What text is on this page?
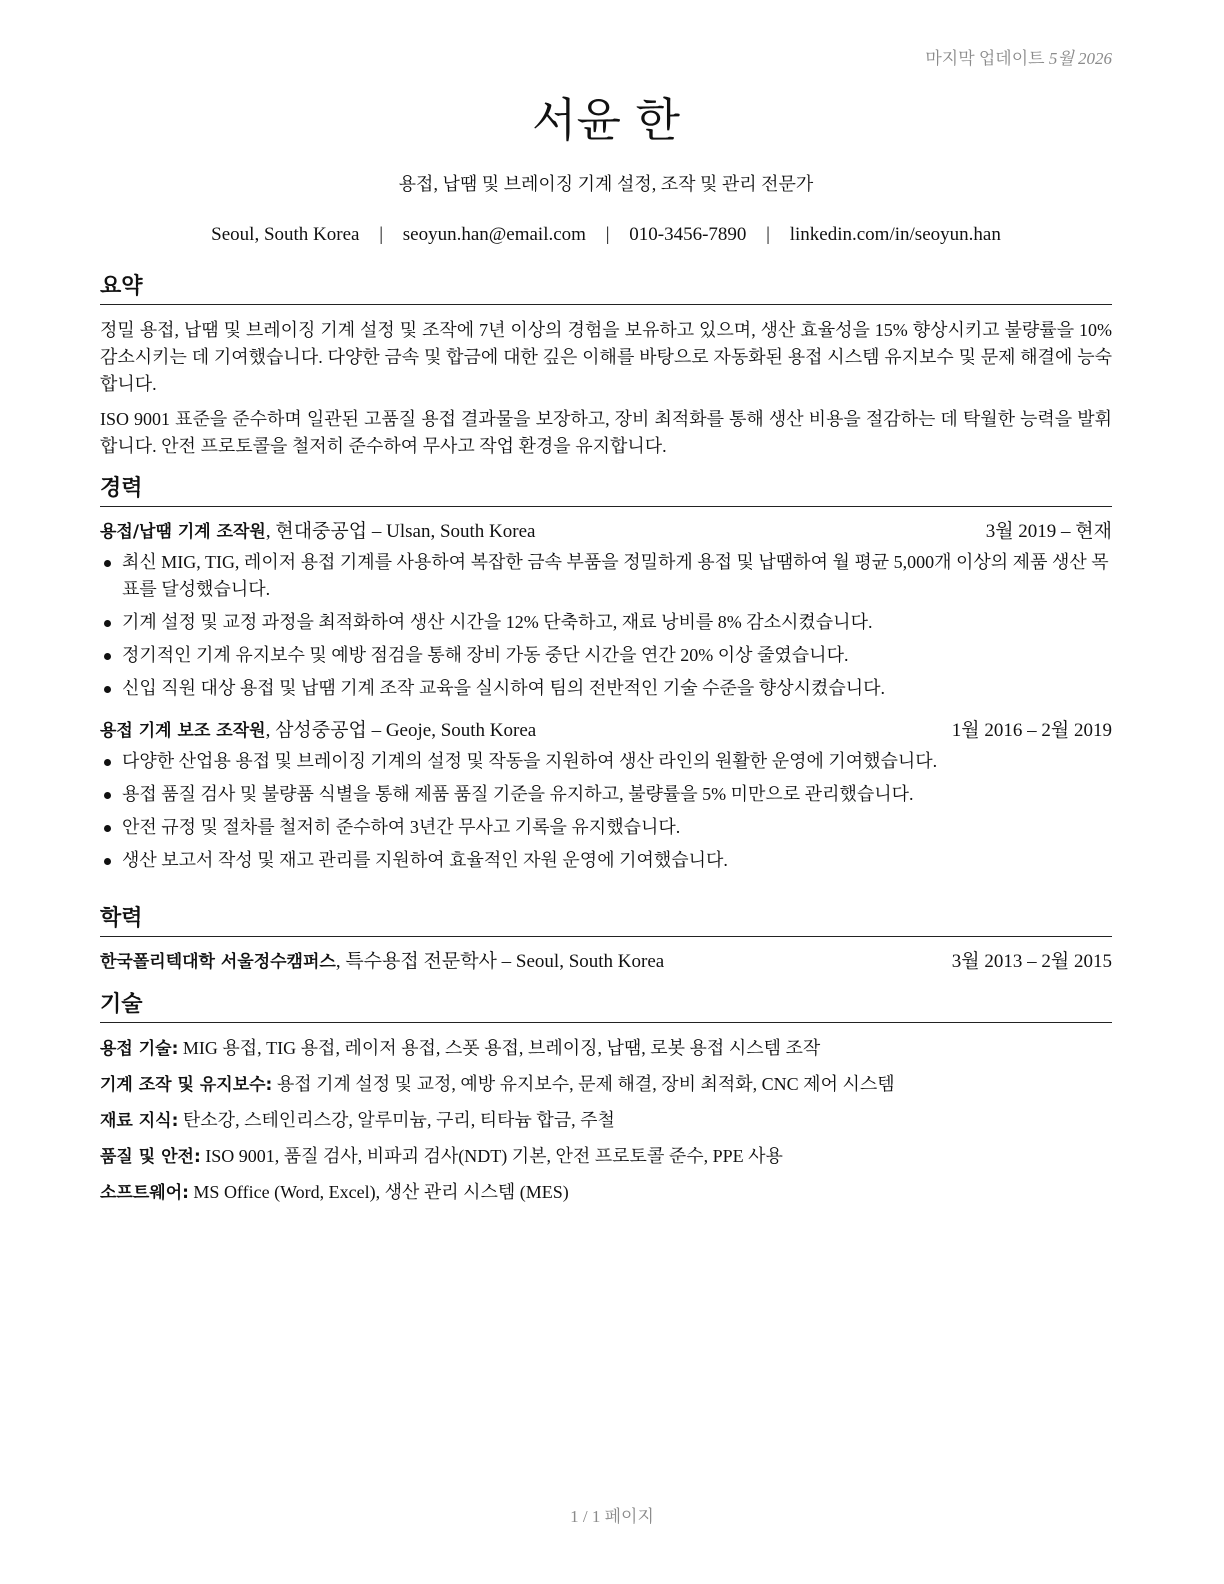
마지막 업데이트 5월 2026
서윤 한
용접, 납땜 및 브레이징 기계 설정, 조작 및 관리 전문가
Seoul, South Korea | seoyun.han@email.com | 010-3456-7890 | linkedin.com/in/seoyun.han
요약

정밀 용접, 납땜 및 브레이징 기계 설정 및 조작에 7년 이상의 경험을 보유하고 있으며, 생산 효율성을 15% 향상시키고 불량률을 10% 감소시키는 데 기여했습니다. 다양한 금속 및 합금에 대한 깊은 이해를 바탕으로 자동화된 용접 시스템 유지보수 및 문제 해결에 능숙합니다.

ISO 9001 표준을 준수하며 일관된 고품질 용접 결과물을 보장하고, 장비 최적화를 통해 생산 비용을 절감하는 데 탁월한 능력을 발휘합니다. 안전 프로토콜을 철저히 준수하여 무사고 작업 환경을 유지합니다.

경력
용접/납땜 기계 조작원, 현대중공업 – Ulsan, South Korea	3월 2019 – 현재
최신 MIG, TIG, 레이저 용접 기계를 사용하여 복잡한 금속 부품을 정밀하게 용접 및 납땜하여 월 평균 5,000개 이상의 제품 생산 목표를 달성했습니다.
기계 설정 및 교정 과정을 최적화하여 생산 시간을 12% 단축하고, 재료 낭비를 8% 감소시켰습니다.
정기적인 기계 유지보수 및 예방 점검을 통해 장비 가동 중단 시간을 연간 20% 이상 줄였습니다.
신입 직원 대상 용접 및 납땜 기계 조작 교육을 실시하여 팀의 전반적인 기술 수준을 향상시켰습니다.
용접 기계 보조 조작원, 삼성중공업 – Geoje, South Korea	1월 2016 – 2월 2019
다양한 산업용 용접 및 브레이징 기계의 설정 및 작동을 지원하여 생산 라인의 원활한 운영에 기여했습니다.
용접 품질 검사 및 불량품 식별을 통해 제품 품질 기준을 유지하고, 불량률을 5% 미만으로 관리했습니다.
안전 규정 및 절차를 철저히 준수하여 3년간 무사고 기록을 유지했습니다.
생산 보고서 작성 및 재고 관리를 지원하여 효율적인 자원 운영에 기여했습니다.
학력
한국폴리텍대학 서울정수캠퍼스, 특수용접 전문학사 – Seoul, South Korea	3월 2013 – 2월 2015
기술
용접 기술: MIG 용접, TIG 용접, 레이저 용접, 스폿 용접, 브레이징, 납땜, 로봇 용접 시스템 조작
기계 조작 및 유지보수: 용접 기계 설정 및 교정, 예방 유지보수, 문제 해결, 장비 최적화, CNC 제어 시스템
재료 지식: 탄소강, 스테인리스강, 알루미늄, 구리, 티타늄 합금, 주철
품질 및 안전: ISO 9001, 품질 검사, 비파괴 검사(NDT) 기본, 안전 프로토콜 준수, PPE 사용
소프트웨어: MS Office (Word, Excel), 생산 관리 시스템 (MES)
1 / 1 페이지
